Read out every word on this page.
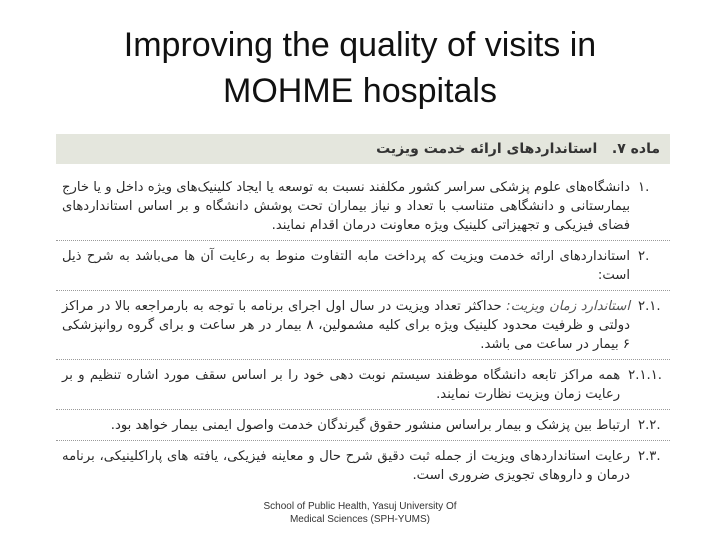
Improving the quality of visits in
MOHME hospitals
ماده ۷.

استانداردهای ارائه خدمت ویزیت
۱.
دانشگاه‌های علوم پزشکی سراسر کشور مکلفند نسبت به توسعه یا ایجاد کلینیک‌های ویژه داخل و یا خارج بیمارستانی و دانشگاهی متناسب با تعداد و نیاز بیماران تحت پوشش دانشگاه و بر اساس استانداردهای فضای فیزیکی و تجهیزاتی کلینیک ویژه معاونت درمان اقدام نمایند.
۲.
استانداردهای ارائه خدمت ویزیت که پرداخت مابه التفاوت منوط به رعایت آن ها می‌باشد به شرح ذیل است:
۲.۱.
استاندارد زمان ویزیت: حداکثر تعداد ویزیت در سال اول اجرای برنامه با توجه به بارمراجعه بالا در مراکز دولتی و ظرفیت محدود کلینیک ویژه برای کلیه مشمولین، ۸ بیمار در هر ساعت و برای گروه روانپزشکی ۶ بیمار در ساعت می باشد.
۲.۱.۱.
همه مراکز تابعه دانشگاه موظفند سیستم نوبت دهی خود را بر اساس سقف مورد اشاره تنظیم و بر رعایت زمان ویزیت نظارت نمایند.
۲.۲.
ارتباط بین پزشک و بیمار براساس منشور حقوق گیرندگان خدمت واصول ایمنی بیمار خواهد بود.
۲.۳.
رعایت استانداردهای ویزیت از جمله ثبت دقیق شرح حال و معاینه فیزیکی، یافته های پاراکلینیکی، برنامه درمان و داروهای تجویزی ضروری است.
School of Public Health, Yasuj University Of
Medical Sciences (SPH-YUMS)
